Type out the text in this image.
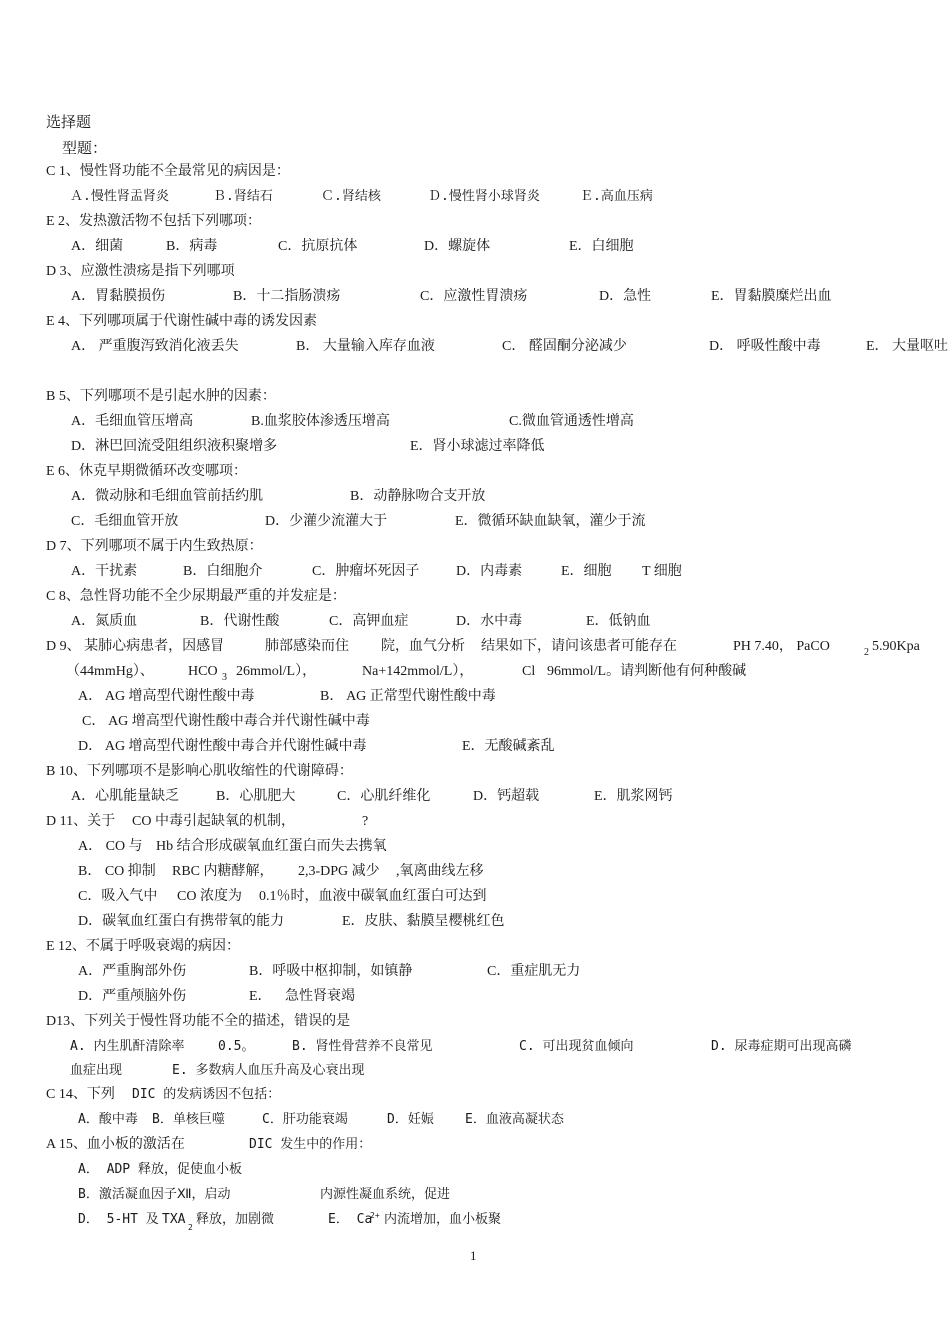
选择题
型题：
C 1、慢性肾功能不全最常见的病因是：
Ａ.慢性肾盂肾炎	Ｂ.肾结石	Ｃ.肾结核	Ｄ.慢性肾小球肾炎	Ｅ.高血压病
E 2、发热激活物不包括下列哪项：
A．细菌	B．病毒	C．抗原抗体	D．螺旋体	E．白细胞
D 3、应激性溃疡是指下列哪项
A．胃黏膜损伤	B．十二指肠溃疡	C．应激性胃溃疡	D．急性	E．胃黏膜糜烂出血
E 4、下列哪项属于代谢性碱中毒的诱发因素
A． 严重腹泻致消化液丢失	B． 大量输入库存血液	C． 醛固酮分泌减少	D． 呼吸性酸中毒	E． 大量呕吐
B 5、下列哪项不是引起水肿的因素：
A．毛细血管压增高	B.血浆胶体渗透压增高	C.微血管通透性增高
D．淋巴回流受阻组织液积聚增多	E．肾小球滤过率降低
E 6、休克早期微循环改变哪项：
A．微动脉和毛细血管前括约肌	B．动静脉吻合支开放
C．毛细血管开放	D．少灌少流灌大于	E．微循环缺血缺氧，灌少于流
D 7、下列哪项不属于内生致热原：
A．干扰素	B．白细胞介	C．肿瘤坏死因子	D．内毒素	E．细胞 T 细胞
C 8、急性肾功能不全少尿期最严重的并发症是：
A．氮质血	B．代谢性酸	C．高钾血症	D．水中毒	E．低钠血
D 9、 某肺心病患者，因感冒	肺部感染而住 院，血气分析 结果如下，请问该患者可能存在	PH 7.40， PaCO	2 5.90Kpa
（44mmHg）、 HCO 3 26mmol/L），	Na+142mmol/L），	Cl 96mmol/L。请判断他有何种酸碱
A． AG 增高型代谢性酸中毒	B． AG 正常型代谢性酸中毒
C． AG 增高型代谢性酸中毒合并代谢性碱中毒
D． AG 增高型代谢性酸中毒合并代谢性碱中毒	E．无酸碱紊乱
B 10、下列哪项不是影响心肌收缩性的代谢障碍：
A．心肌能量缺乏	B．心肌肥大	C．心肌纤维化	D．钙超载	E．肌浆网钙
D 11、关于 CO 中毒引起缺氧的机制，	?
A． CO 与 Hb 结合形成碳氧血红蛋白而失去携氧
B． CO 抑制 RBC 内糖酵解， 2,3-DPG 减少 ,氧离曲线左移
C．吸入气中 CO 浓度为 0.1％时，血液中碳氧血红蛋白可达到
D．碳氧血红蛋白有携带氧的能力	E．皮肤、黏膜呈樱桃红色
E 12、不属于呼吸衰竭的病因：
A．严重胸部外伤	B．呼吸中枢抑制，如镇静	C．重症肌无力
D．严重颅脑外伤	E． 急性肾衰竭
D13、下列关于慢性肾功能不全的描述，错误的是
A. 内生肌酐清除率	0.5。	B. 肾性骨营养不良常见	C. 可出现贫血倾向	D. 尿毒症期可出现高磷
血症出现	E. 多数病人血压升高及心衰出现
C 14、下列 DIC 的发病诱因不包括：
A．酸中毒 B．单核巨噬	C．肝功能衰竭	D．妊娠 E．血液高凝状态
A 15、血小板的激活在	DIC 发生中的作用：
A． ADP 释放，促使血小板
B．激活凝血因子Ⅻ，启动	内源性凝血系统，促进
D． 5-HT 及 TXA
2
释放，加剧微	E． Ca
2+ 内流增加，血小板聚
1
